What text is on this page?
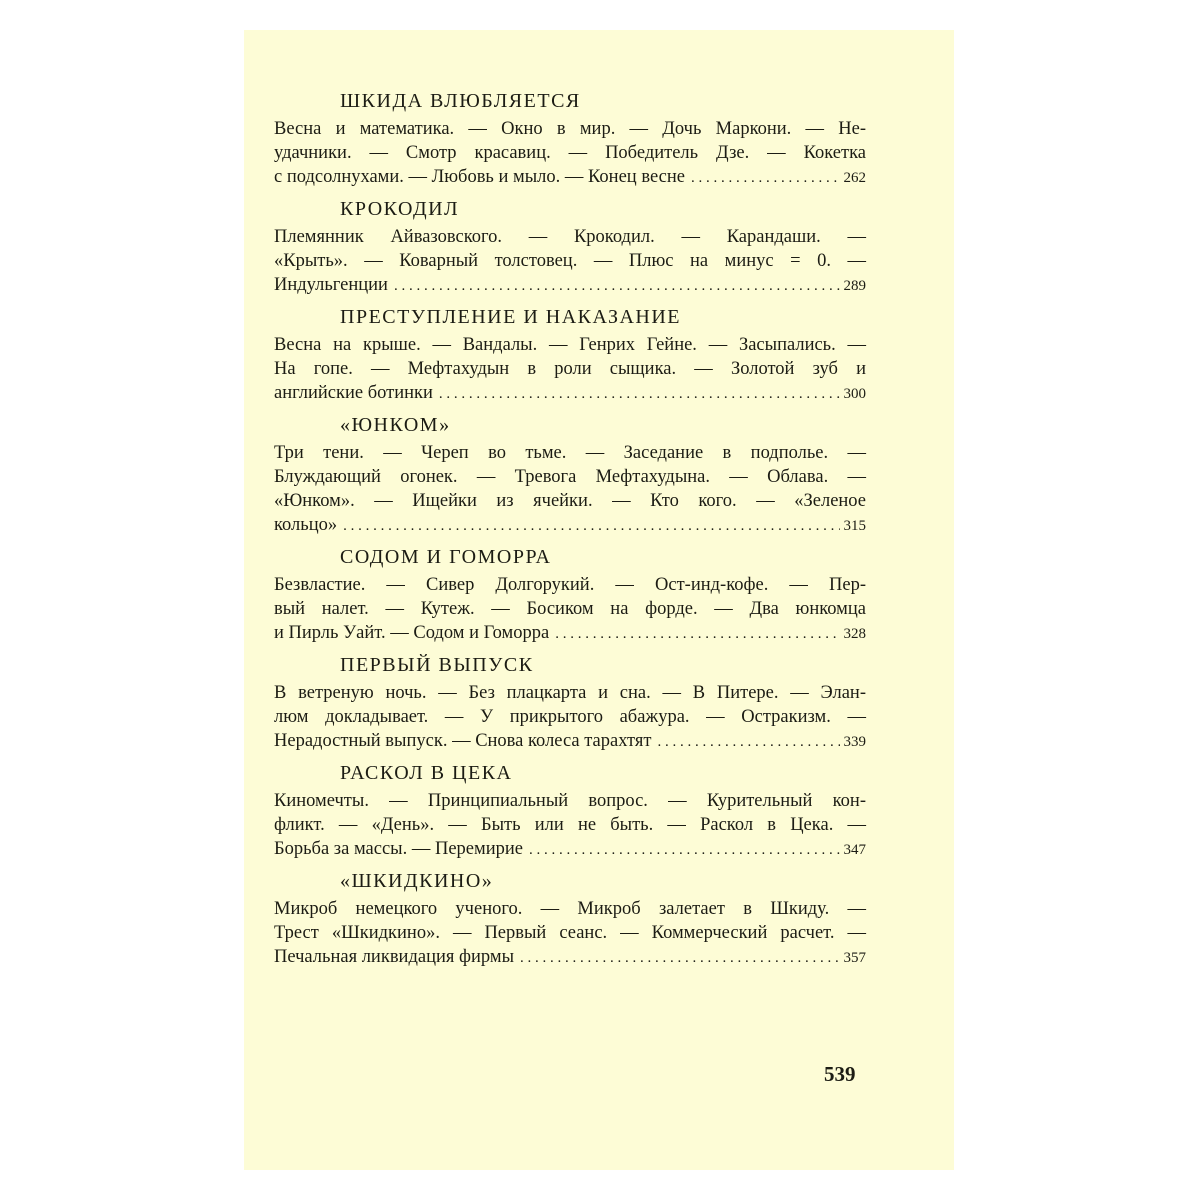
ШКИДА ВЛЮБЛЯЕТСЯ
Весна и математика. — Окно в мир. — Дочь Маркони. — Не-
удачники. — Смотр красавиц. — Победитель Дзе. — Кокетка
с подсолнухами. — Любовь и мыло. — Конец весне . . .	262
КРОКОДИЛ
Племянник Айвазовского. — Крокодил. — Карандаши. —
«Крыть». — Коварный толстовец. — Плюс на минус = 0. —
Индульгенции . . .	289
ПРЕСТУПЛЕНИЕ И НАКАЗАНИЕ
Весна на крыше. — Вандалы. — Генрих Гейне. — Засыпались. —
На гопе. — Мефтахудын в роли сыщика. — Золотой зуб и
английские ботинки . . .	300
«ЮНКОМ»
Три тени. — Череп во тьме. — Заседание в подполье. —
Блуждающий огонек. — Тревога Мефтахудына. — Облава. —
«Юнком». — Ищейки из ячейки. — Кто кого. — «Зеленое
кольцо» . . .	315
СОДОМ И ГОМОРРА
Безвластие. — Сивер Долгорукий. — Ост-инд-кофе. — Пер-
вый налет. — Кутеж. — Босиком на форде. — Два юнкомца
и Пирль Уайт. — Содом и Гоморра . . .	328
ПЕРВЫЙ ВЫПУСК
В ветреную ночь. — Без плацкарта и сна. — В Питере. — Элан-
люм докладывает. — У прикрытого абажура. — Остракизм. —
Нерадостный выпуск. — Снова колеса тарахтят . . .	339
РАСКОЛ В ЦЕКА
Киномечты. — Принципиальный вопрос. — Курительный кон-
фликт. — «День». — Быть или не быть. — Раскол в Цека. —
Борьба за массы. — Перемирие . . .	347
«ШКИДКИНО»
Микроб немецкого ученого. — Микроб залетает в Шкиду. —
Трест «Шкидкино». — Первый сеанс. — Коммерческий расчет. —
Печальная ликвидация фирмы . . .	357
539
